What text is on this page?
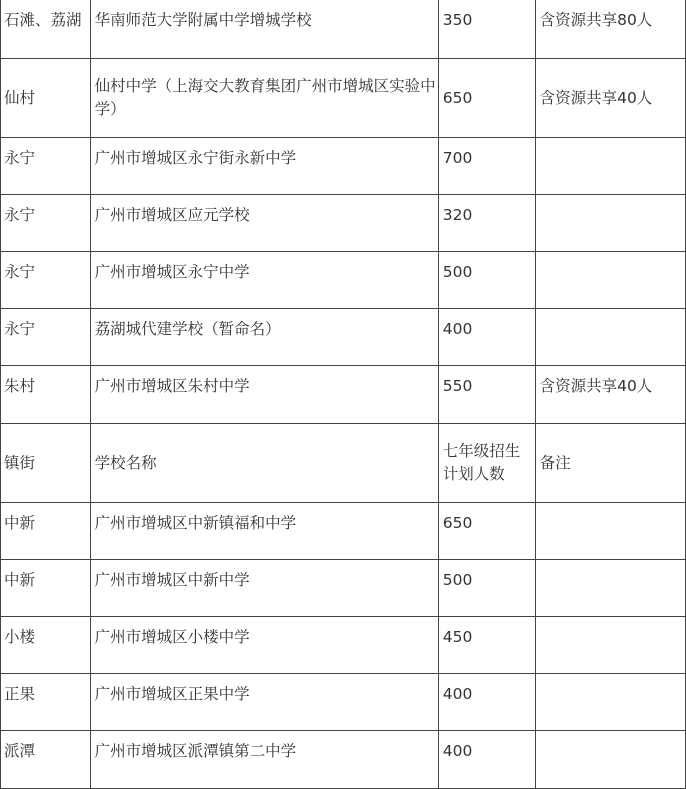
石滩、荔湖	华南师范大学附属中学增城学校	350	含资源共享80人
仙村	仙村中学（上海交大教育集团广州市增城区实验中学）	650	含资源共享40人
永宁	广州市增城区永宁街永新中学	700	
永宁	广州市增城区应元学校	320	
永宁	广州市增城区永宁中学	500	
永宁	荔湖城代建学校（暂命名）	400	
朱村	广州市增城区朱村中学	550	含资源共享40人
镇街	学校名称	七年级招生计划人数	备注
中新	广州市增城区中新镇福和中学	650	
中新	广州市增城区中新中学	500	
小楼	广州市增城区小楼中学	450	
正果	广州市增城区正果中学	400	
派潭	广州市增城区派潭镇第二中学	400	
